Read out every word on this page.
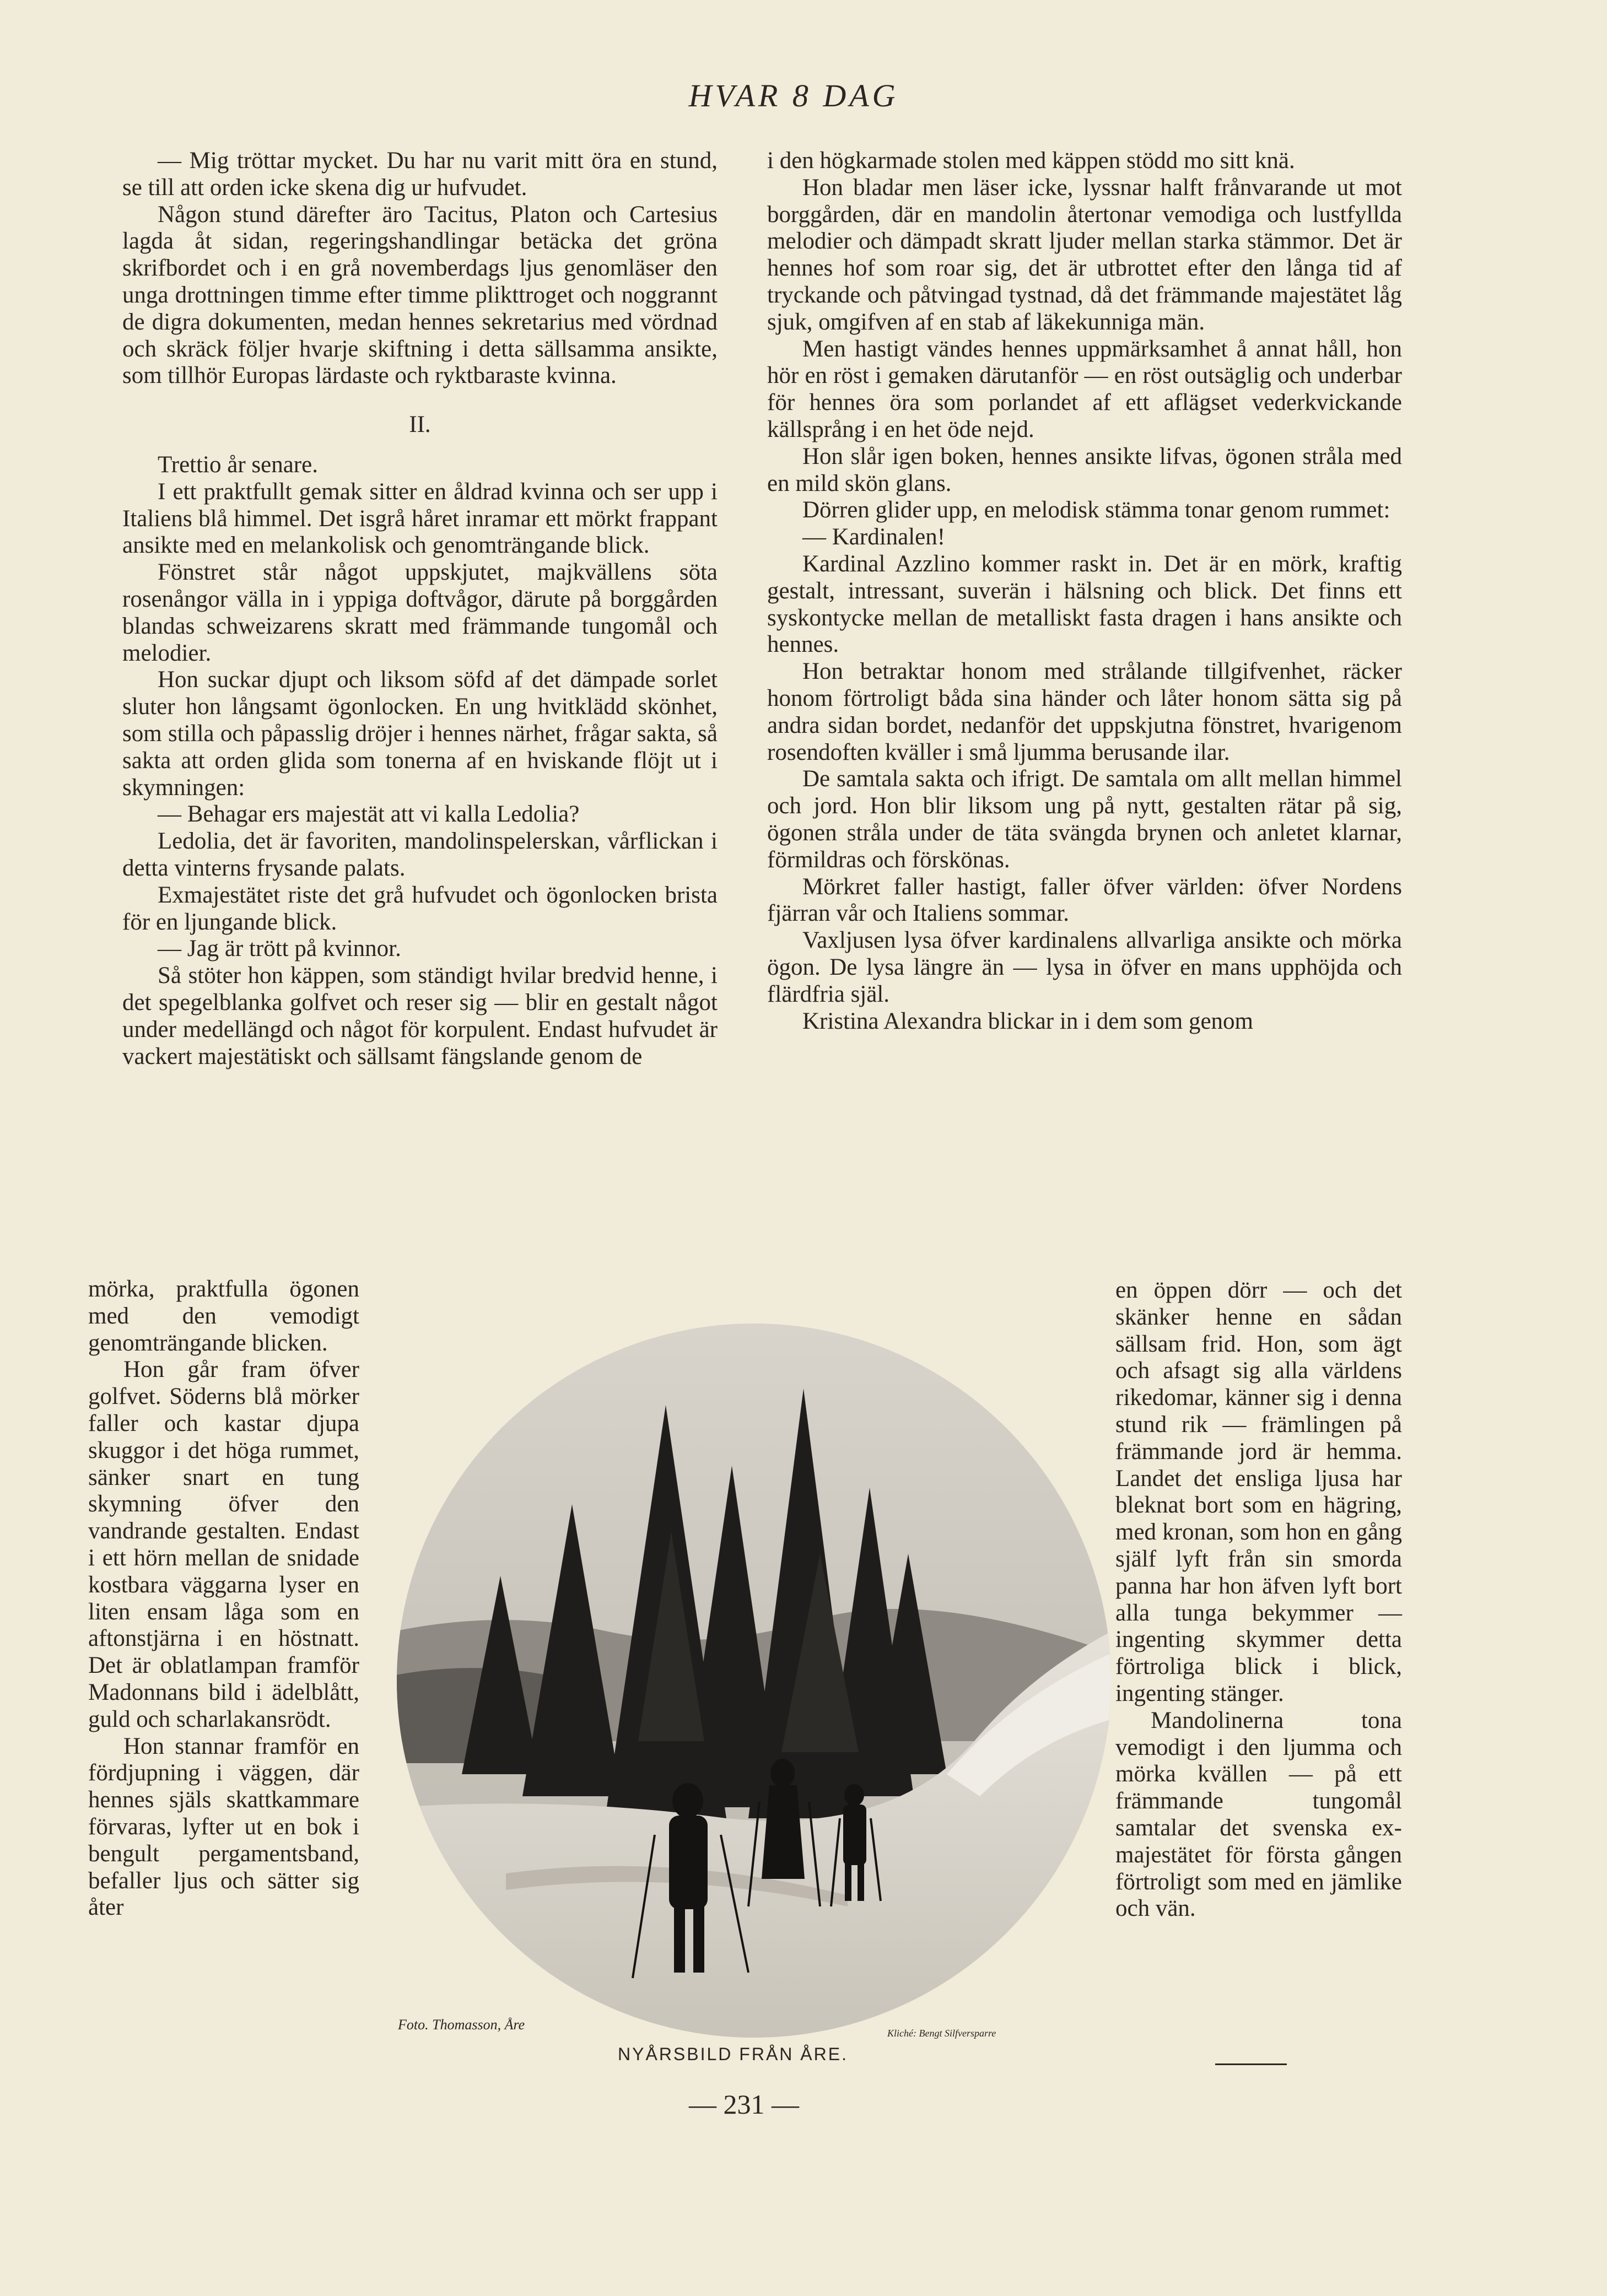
HVAR 8 DAG

— Mig tröttar mycket. Du har nu varit mitt öra en stund, se till att orden icke skena dig ur hufvudet.

Någon stund därefter äro Tacitus, Platon och Cartesius lagda åt sidan, regeringshandlingar betäcka det gröna skrifbordet och i en grå novemberdags ljus genomläser den unga drottningen timme efter timme plikttroget och noggrannt de digra dokumenten, medan hennes sekretarius med vördnad och skräck följer hvarje skiftning i detta sällsamma ansikte, som tillhör Europas lärdaste och ryktbaraste kvinna.

II.

Trettio år senare.

I ett praktfullt gemak sitter en åldrad kvinna och ser upp i Italiens blå himmel. Det isgrå håret inramar ett mörkt frappant ansikte med en melankolisk och genomträngande blick.

Fönstret står något uppskjutet, majkvällens söta rosenångor välla in i yppiga doftvågor, därute på borggården blandas schweizarens skratt med främmande tungomål och melodier.

Hon suckar djupt och liksom söfd af det dämpade sorlet sluter hon långsamt ögonlocken. En ung hvitklädd skönhet, som stilla och påpasslig dröjer i hennes närhet, frågar sakta, så sakta att orden glida som tonerna af en hviskande flöjt ut i skymningen:

— Behagar ers majestät att vi kalla Ledolia?

Ledolia, det är favoriten, mandolinspelerskan, vårflickan i detta vinterns frysande palats.

Exmajestätet riste det grå hufvudet och ögonlocken brista för en ljungande blick.

— Jag är trött på kvinnor.

Så stöter hon käppen, som ständigt hvilar bredvid henne, i det spegelblanka golfvet och reser sig — blir en gestalt något under medellängd och något för korpulent. Endast hufvudet är vackert majestätiskt och sällsamt fängslande genom de

i den högkarmade stolen med käppen stödd mo sitt knä.

Hon bladar men läser icke, lyssnar halft frånvarande ut mot borggården, där en mandolin återtonar vemodiga och lustfyllda melodier och dämpadt skratt ljuder mellan starka stämmor. Det är hennes hof som roar sig, det är utbrottet efter den långa tid af tryckande och påtvingad tystnad, då det främmande majestätet låg sjuk, omgifven af en stab af läkekunniga män.

Men hastigt vändes hennes uppmärksamhet å annat håll, hon hör en röst i gemaken därutanför — en röst outsäglig och underbar för hennes öra som porlandet af ett aflägset vederkvickande källsprång i en het öde nejd.

Hon slår igen boken, hennes ansikte lifvas, ögonen stråla med en mild skön glans.

Dörren glider upp, en melodisk stämma tonar genom rummet:

— Kardinalen!

Kardinal Azzlino kommer raskt in. Det är en mörk, kraftig gestalt, intressant, suverän i hälsning och blick. Det finns ett syskontycke mellan de metalliskt fasta dragen i hans ansikte och hennes.

Hon betraktar honom med strålande tillgifvenhet, räcker honom förtroligt båda sina händer och låter honom sätta sig på andra sidan bordet, nedanför det uppskjutna fönstret, hvarigenom rosendoften kväller i små ljumma berusande ilar.

De samtala sakta och ifrigt. De samtala om allt mellan himmel och jord. Hon blir liksom ung på nytt, gestalten rätar på sig, ögonen stråla under de täta svängda brynen och anletet klarnar, förmildras och förskönas.

Mörkret faller hastigt, faller öfver världen: öfver Nordens fjärran vår och Italiens sommar.

Vaxljusen lysa öfver kardinalens allvarliga ansikte och mörka ögon. De lysa längre än — lysa in öfver en mans upphöjda och flärdfria själ.

Kristina Alexandra blickar in i dem som genom

mörka, praktfulla ögonen med den vemodigt genomträngande blicken.

Hon går fram öfver golfvet. Söderns blå mörker faller och kastar djupa skuggor i det höga rummet, sänker snart en tung skymning öfver den vandrande gestalten. Endast i ett hörn mellan de snidade kostbara väggarna lyser en liten ensam låga som en aftonstjärna i en höstnatt. Det är oblatlampan framför Madonnans bild i ädelblått, guld och scharlakansrödt.

Hon stannar framför en fördjupning i väggen, där hennes själs skattkammare förvaras, lyfter ut en bok i bengult pergamentsband, befaller ljus och sätter sig åter

en öppen dörr — och det skänker henne en sådan sällsam frid. Hon, som ägt och afsagt sig alla världens rikedomar, känner sig i denna stund rik — främlingen på främmande jord är hemma. Landet det ensliga ljusa har bleknat bort som en hägring, med kronan, som hon en gång själf lyft från sin smorda panna har hon äfven lyft bort alla tunga bekymmer — ingenting skymmer detta förtroliga blick i blick, ingenting stänger.

Mandolinerna tona vemodigt i den ljumma och mörka kvällen — på ett främmande tungomål samtalar det svenska ex-majestätet för första gången förtroligt som med en jämlike och vän.

Foto. Thomasson, Åre
Kliché: Bengt Silfversparre
NYÅRSBILD FRÅN ÅRE.
— 231 —
